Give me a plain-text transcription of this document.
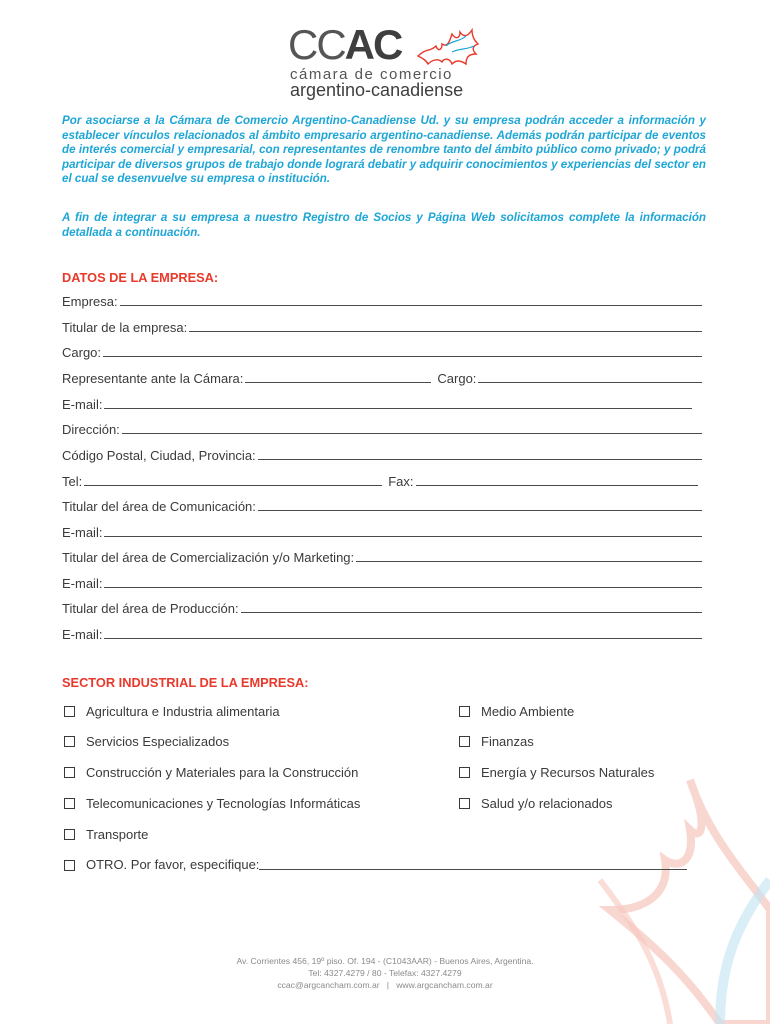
CCAC
cámara de comercio
argentino-canadiense

Por asociarse a la Cámara de Comercio Argentino-Canadiense Ud. y su empresa podrán acceder a información y establecer vínculos relacionados al ámbito empresario argentino-canadiense. Además podrán participar de eventos de interés comercial y empresarial, con representantes de renombre tanto del ámbito público como privado; y podrá participar de diversos grupos de trabajo donde logrará debatir y adquirir conocimientos y experiencias del sector en el cual se desenvuelve su empresa o institución.

A fin de integrar a su empresa a nuestro Registro de Socios y Página Web solicitamos complete la información detallada a continuación.

DATOS DE LA EMPRESA:
Empresa:
Titular de la empresa:
Cargo:
Representante ante la Cámara:	Cargo:
E-mail:
Dirección:
Código Postal, Ciudad, Provincia:
Tel:	Fax:
Titular del área de Comunicación:
E-mail:
Titular del área de Comercialización y/o Marketing:
E-mail:
Titular del área de Producción:
E-mail:
SECTOR INDUSTRIAL DE LA EMPRESA:
Agricultura e Industria alimentaria
Servicios Especializados
Construcción y Materiales para la Construcción
Telecomunicaciones y Tecnologías Informáticas
Transporte
OTRO. Por favor, especifique:
Medio Ambiente
Finanzas
Energía y Recursos Naturales
Salud y/o relacionados
Av. Corrientes 456, 19º piso. Of. 194 - (C1043AAR) - Buenos Aires, Argentina.
Tel: 4327.4279 / 80 - Telefax: 4327.4279
ccac@argcancham.com.ar   |   www.argcancham.com.ar
